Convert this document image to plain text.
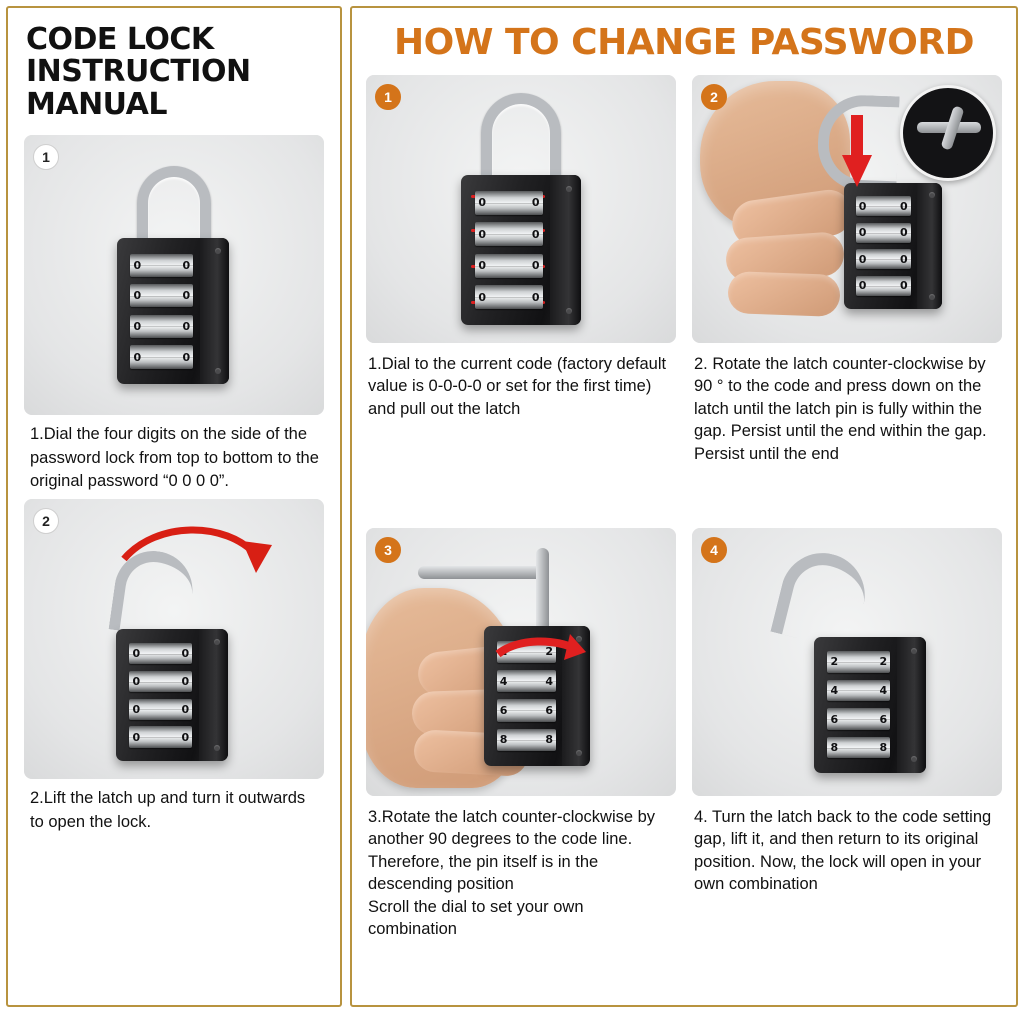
CODE LOCK INSTRUCTION MANUAL
1
0	0
0	0
0	0
0	0
1.Dial the four digits on the side of the password lock from top to bottom to the original password “0 0 0 0”.
2
0	0
0	0
0	0
0	0
2.Lift the latch up and turn it outwards to open the lock.
HOW TO CHANGE PASSWORD
1
0	0
0	0
0	0
0	0
1.Dial to the current code (factory default value is 0-0-0-0 or set for the first time) and pull out the latch
2
0	0
0	0
0	0
0	0
2. Rotate the latch counter-clockwise by 90 ° to the code and press down on the latch until the latch pin is fully within the gap. Persist until the end within the gap. Persist until the end
3
2	2
4	4
6	6
8	8
3.Rotate the latch counter-clockwise by another 90 degrees to the code line. Therefore, the pin itself is in the descending position
Scroll the dial to set your own combination
4
2	2
4	4
6	6
8	8
4. Turn the latch back to the code setting gap, lift it, and then return to its original position. Now, the lock will open in your own combination
